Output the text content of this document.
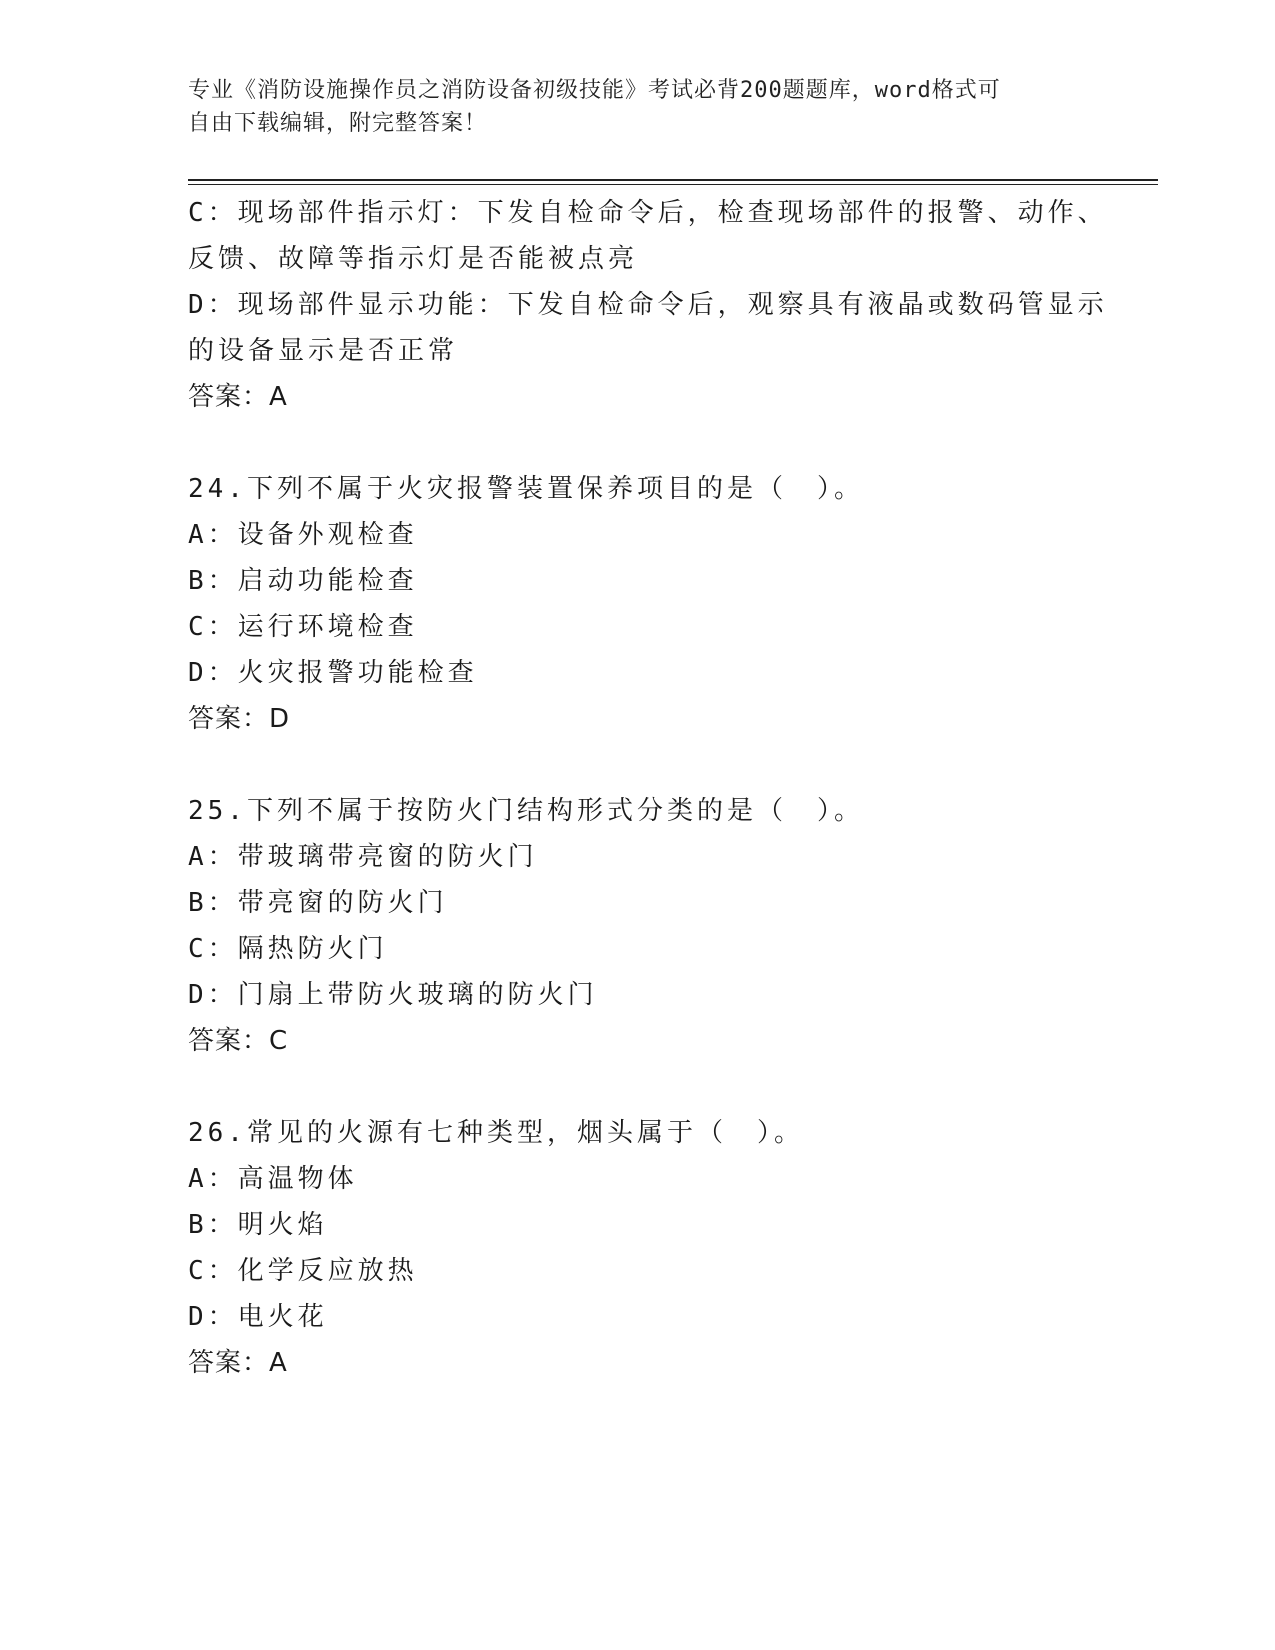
专业《消防设施操作员之消防设备初级技能》考试必背200题题库，word格式可
自由下载编辑，附完整答案！
C：现场部件指示灯：下发自检命令后，检查现场部件的报警、动作、
反馈、故障等指示灯是否能被点亮
D：现场部件显示功能：下发自检命令后，观察具有液晶或数码管显示
的设备显示是否正常
答案：A
24.下列不属于火灾报警装置保养项目的是（　）。
A：设备外观检查
B：启动功能检查
C：运行环境检查
D：火灾报警功能检查
答案：D
25.下列不属于按防火门结构形式分类的是（　）。
A：带玻璃带亮窗的防火门
B：带亮窗的防火门
C：隔热防火门
D：门扇上带防火玻璃的防火门
答案：C
26.常见的火源有七种类型，烟头属于（　）。
A：高温物体
B：明火焰
C：化学反应放热
D：电火花
答案：A
